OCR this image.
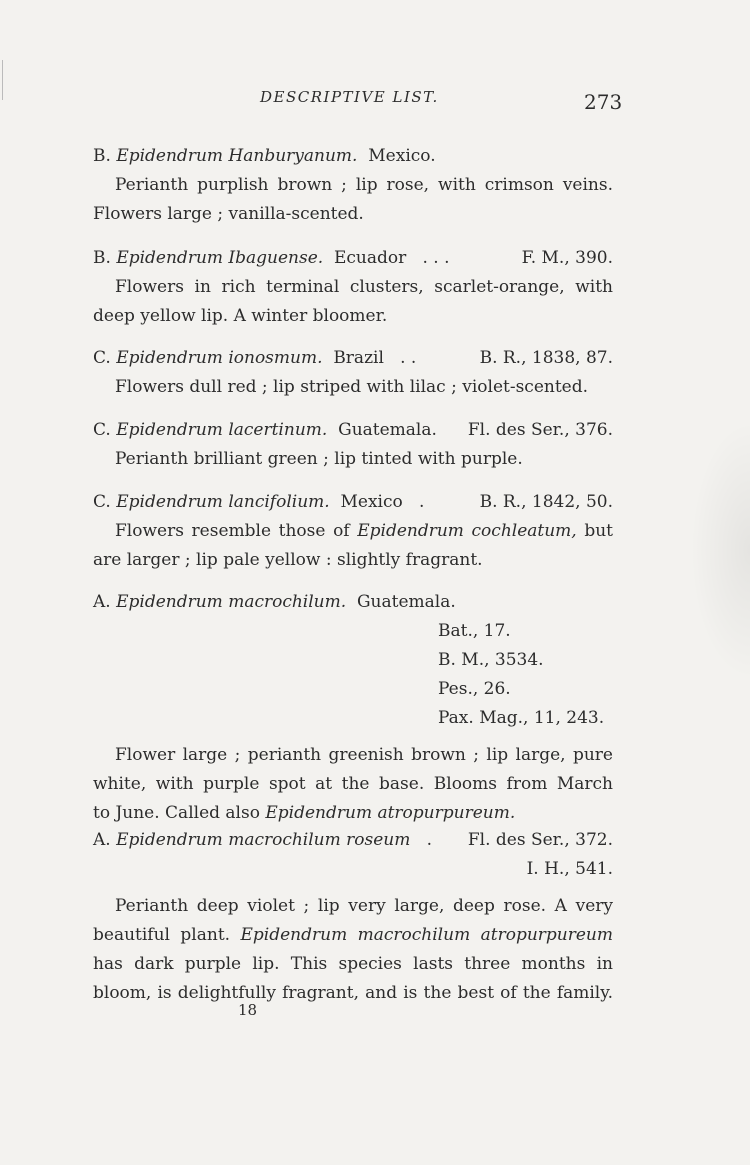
DESCRIPTIVE LIST.	273
B. Epidendrum Hanburyanum. Mexico.
Perianth purplish brown ; lip rose, with crimson veins.
Flowers large ; vanilla-scented.
B. Epidendrum Ibaguense. Ecuador . . .	F. M., 390.
Flowers in rich terminal clusters, scarlet-orange, with
deep yellow lip. A winter bloomer.
C. Epidendrum ionosmum. Brazil . .	B. R., 1838, 87.
Flowers dull red ; lip striped with lilac ; violet-scented.
C. Epidendrum lacertinum. Guatemala. Fl. des Ser., 376.
Perianth brilliant green ; lip tinted with purple.
C. Epidendrum lancifolium. Mexico .	B. R., 1842, 50.
Flowers resemble those of Epidendrum cochleatum, but
are larger ; lip pale yellow : slightly fragrant.
A. Epidendrum macrochilum. Guatemala.
Bat., 17.
B. M., 3534.
Pes., 26.
Pax. Mag., 11, 243.
Flower large ; perianth greenish brown ; lip large, pure
white, with purple spot at the base. Blooms from March
to June. Called also Epidendrum atropurpureum.
A. Epidendrum macrochilum roseum . Fl. des Ser., 372.
I. H., 541.
Perianth deep violet ; lip very large, deep rose. A very
beautiful plant. Epidendrum macrochilum atropurpureum
has dark purple lip. This species lasts three months in
bloom, is delightfully fragrant, and is the best of the family.
18
